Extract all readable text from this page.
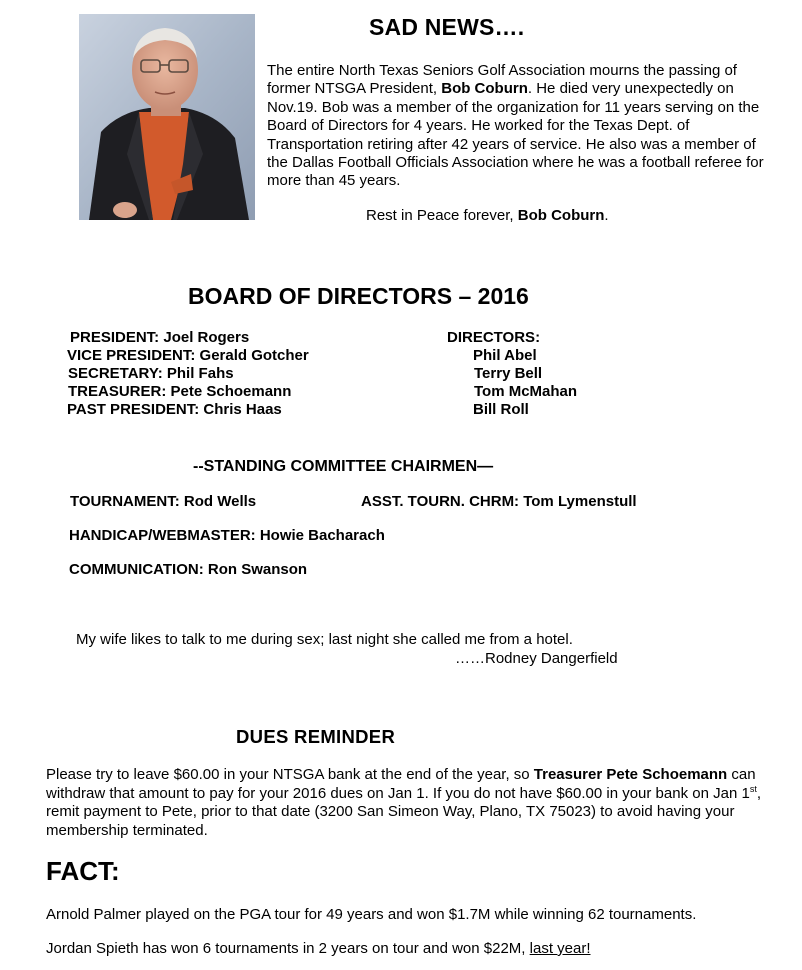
SAD NEWS….
The entire North Texas Seniors Golf Association mourns the passing of former NTSGA President, Bob Coburn. He died very unexpectedly on Nov.19. Bob was a member of the organization for 11 years serving on the Board of Directors for 4 years. He worked for the Texas Dept. of Transportation retiring after 42 years of service. He also was a member of the Dallas Football Officials Association where he was a football referee for more than 45 years.
Rest in Peace forever, Bob Coburn.
BOARD OF DIRECTORS – 2016
PRESIDENT: Joel Rogers
VICE PRESIDENT: Gerald Gotcher
SECRETARY: Phil Fahs
TREASURER: Pete Schoemann
PAST PRESIDENT: Chris Haas
DIRECTORS:
Phil Abel
Terry Bell
Tom McMahan
Bill Roll
--STANDING COMMITTEE CHAIRMEN—
TOURNAMENT: Rod Wells	ASST. TOURN. CHRM: Tom Lymenstull
HANDICAP/WEBMASTER: Howie Bacharach
COMMUNICATION: Ron Swanson
My wife likes to talk to me during sex; last night she called me from a hotel.
……Rodney Dangerfield
DUES REMINDER
Please try to leave $60.00 in your NTSGA bank at the end of the year, so Treasurer Pete Schoemann can withdraw that amount to pay for your 2016 dues on Jan 1. If you do not have $60.00 in your bank on Jan 1st, remit payment to Pete, prior to that date (3200 San Simeon Way, Plano, TX 75023) to avoid having your membership terminated.
FACT:
Arnold Palmer played on the PGA tour for 49 years and won $1.7M while winning 62 tournaments.
Jordan Spieth has won 6 tournaments in 2 years on tour and won $22M, last year!
